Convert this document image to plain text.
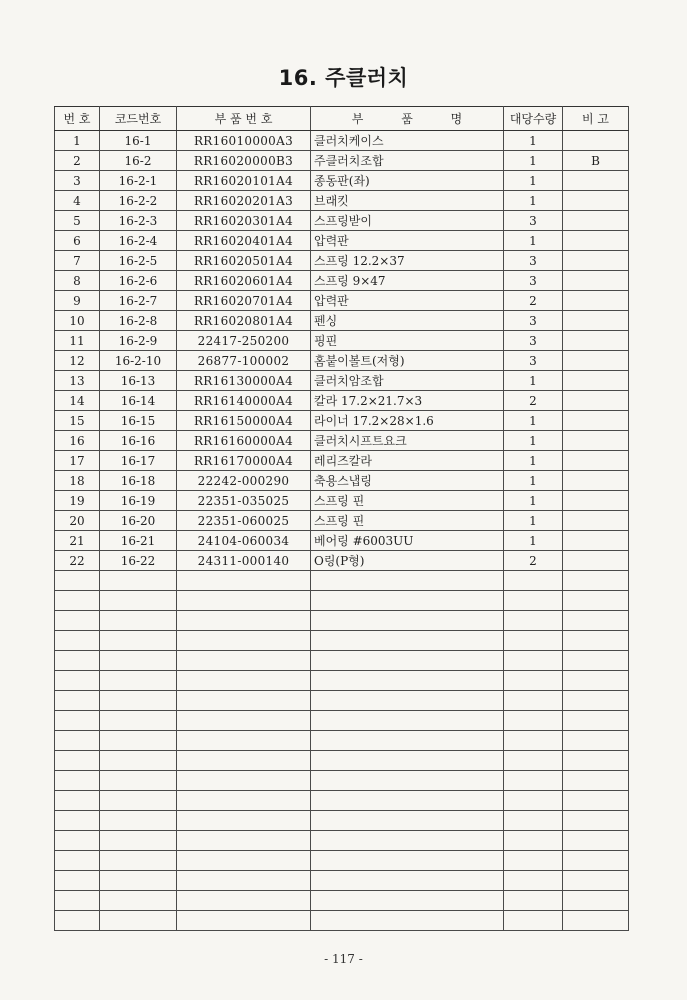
16. 주클러치
번 호	코드번호	부 품 번 호	부 품 명	대당수량	비 고
1	16-1	RR16010000A3	클러치케이스	1	
2	16-2	RR16020000B3	주클러치조합	1	B
3	16-2-1	RR16020101A4	종동판(좌)	1	
4	16-2-2	RR16020201A3	브래킷	1	
5	16-2-3	RR16020301A4	스프링받이	3	
6	16-2-4	RR16020401A4	압력판	1	
7	16-2-5	RR16020501A4	스프링 12.2×37	3	
8	16-2-6	RR16020601A4	스프링 9×47	3	
9	16-2-7	RR16020701A4	압력판	2	
10	16-2-8	RR16020801A4	펜싱	3	
11	16-2-9	22417-250200	핑핀	3	
12	16-2-10	26877-100002	홈붙이볼트(저형)	3	
13	16-13	RR16130000A4	클러치암조합	1	
14	16-14	RR16140000A4	칼라 17.2×21.7×3	2	
15	16-15	RR16150000A4	라이너 17.2×28×1.6	1	
16	16-16	RR16160000A4	클러치시프트요크	1	
17	16-17	RR16170000A4	레리즈칼라	1	
18	16-18	22242-000290	축용스냅링	1	
19	16-19	22351-035025	스프링 핀	1	
20	16-20	22351-060025	스프링 핀	1	
21	16-21	24104-060034	베어링 #6003UU	1	
22	16-22	24311-000140	O링(P형)	2	

- 117 -
